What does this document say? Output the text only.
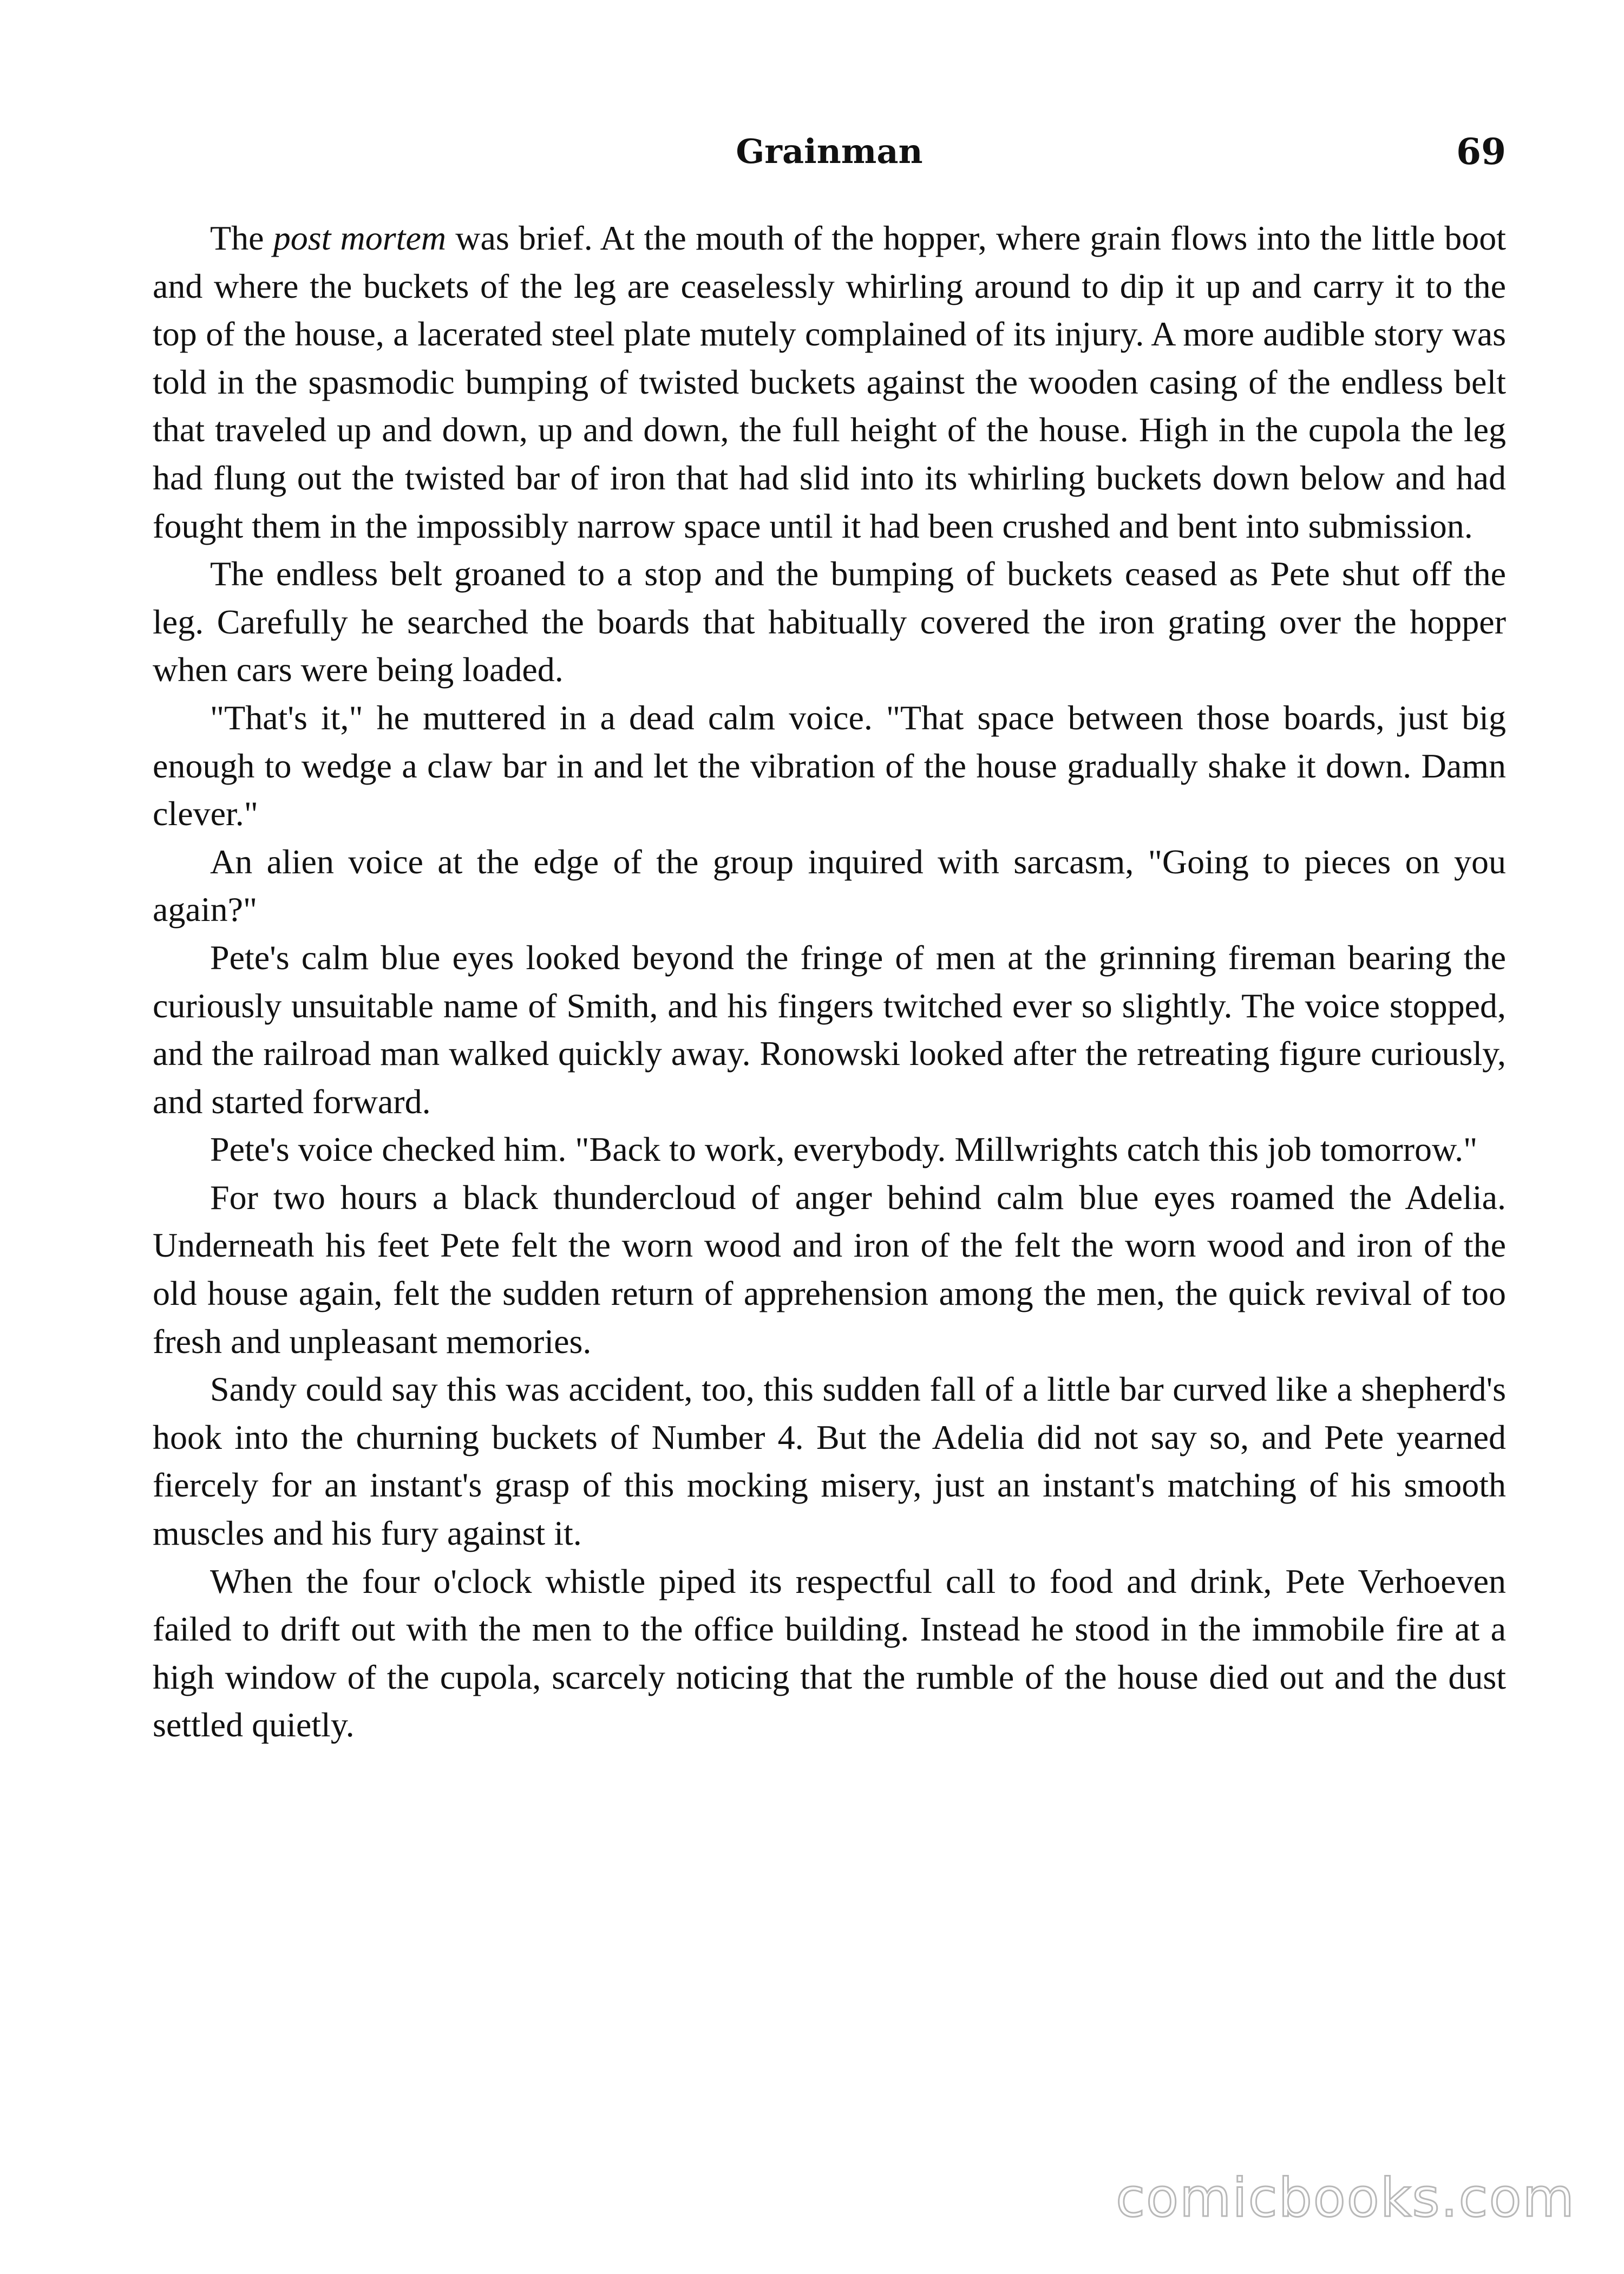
Grainman	69

The post mortem was brief. At the mouth of the hopper, where grain flows into the little boot and where the buckets of the leg are ceaselessly whirling around to dip it up and carry it to the top of the house, a lacerated steel plate mutely complained of its injury. A more audible story was told in the spasmodic bumping of twisted buckets against the wooden casing of the endless belt that traveled up and down, up and down, the full height of the house. High in the cupola the leg had flung out the twisted bar of iron that had slid into its whirling buckets down below and had fought them in the impossibly narrow space until it had been crushed and bent into submission.

The endless belt groaned to a stop and the bumping of buckets ceased as Pete shut off the leg. Carefully he searched the boards that habitually covered the iron grating over the hopper when cars were being loaded.

"That's it," he muttered in a dead calm voice. "That space between those boards, just big enough to wedge a claw bar in and let the vibration of the house gradually shake it down. Damn clever."

An alien voice at the edge of the group inquired with sarcasm, "Going to pieces on you again?"

Pete's calm blue eyes looked beyond the fringe of men at the grinning fireman bearing the curiously unsuitable name of Smith, and his fingers twitched ever so slightly. The voice stopped, and the railroad man walked quickly away. Ronowski looked after the retreating figure curiously, and started forward.

Pete's voice checked him. "Back to work, everybody. Millwrights catch this job tomorrow."

For two hours a black thundercloud of anger behind calm blue eyes roamed the Adelia. Underneath his feet Pete felt the worn wood and iron of the felt the worn wood and iron of the old house again, felt the sudden return of apprehension among the men, the quick revival of too fresh and unpleasant memories.

Sandy could say this was accident, too, this sudden fall of a little bar curved like a shepherd's hook into the churning buckets of Number 4. But the Adelia did not say so, and Pete yearned fiercely for an instant's grasp of this mocking misery, just an instant's matching of his smooth muscles and his fury against it.

When the four o'clock whistle piped its respectful call to food and drink, Pete Verhoeven failed to drift out with the men to the office building. Instead he stood in the immobile fire at a high window of the cupola, scarcely noticing that the rumble of the house died out and the dust settled quietly.

comicbooks.com
